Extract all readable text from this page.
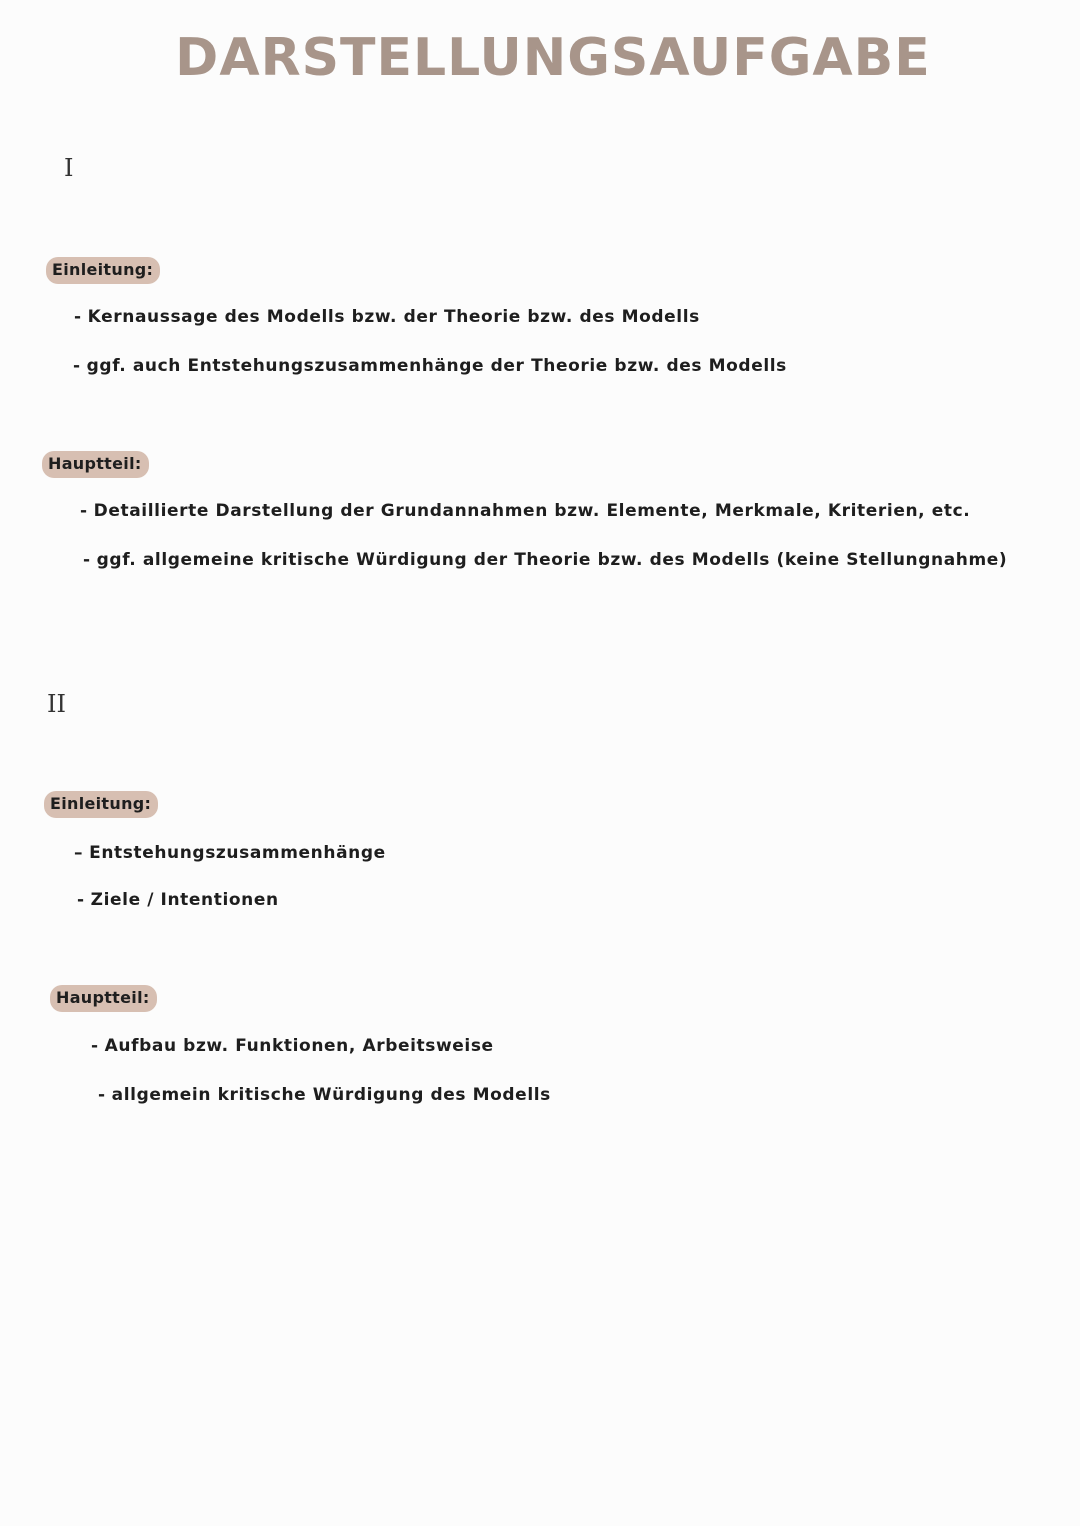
DARSTELLUNGSAUFGABE
I
Einleitung:
- Kernaussage des Modells bzw. der Theorie bzw. des Modells
- ggf. auch Entstehungszusammenhänge der Theorie bzw. des Modells
Hauptteil:
- Detaillierte Darstellung der Grundannahmen bzw. Elemente, Merkmale, Kriterien, etc.
- ggf. allgemeine kritische Würdigung der Theorie bzw. des Modells (keine Stellungnahme)
II
Einleitung:
– Entstehungszusammenhänge
- Ziele / Intentionen
Hauptteil:
- Aufbau bzw. Funktionen, Arbeitsweise
- allgemein kritische Würdigung des Modells
